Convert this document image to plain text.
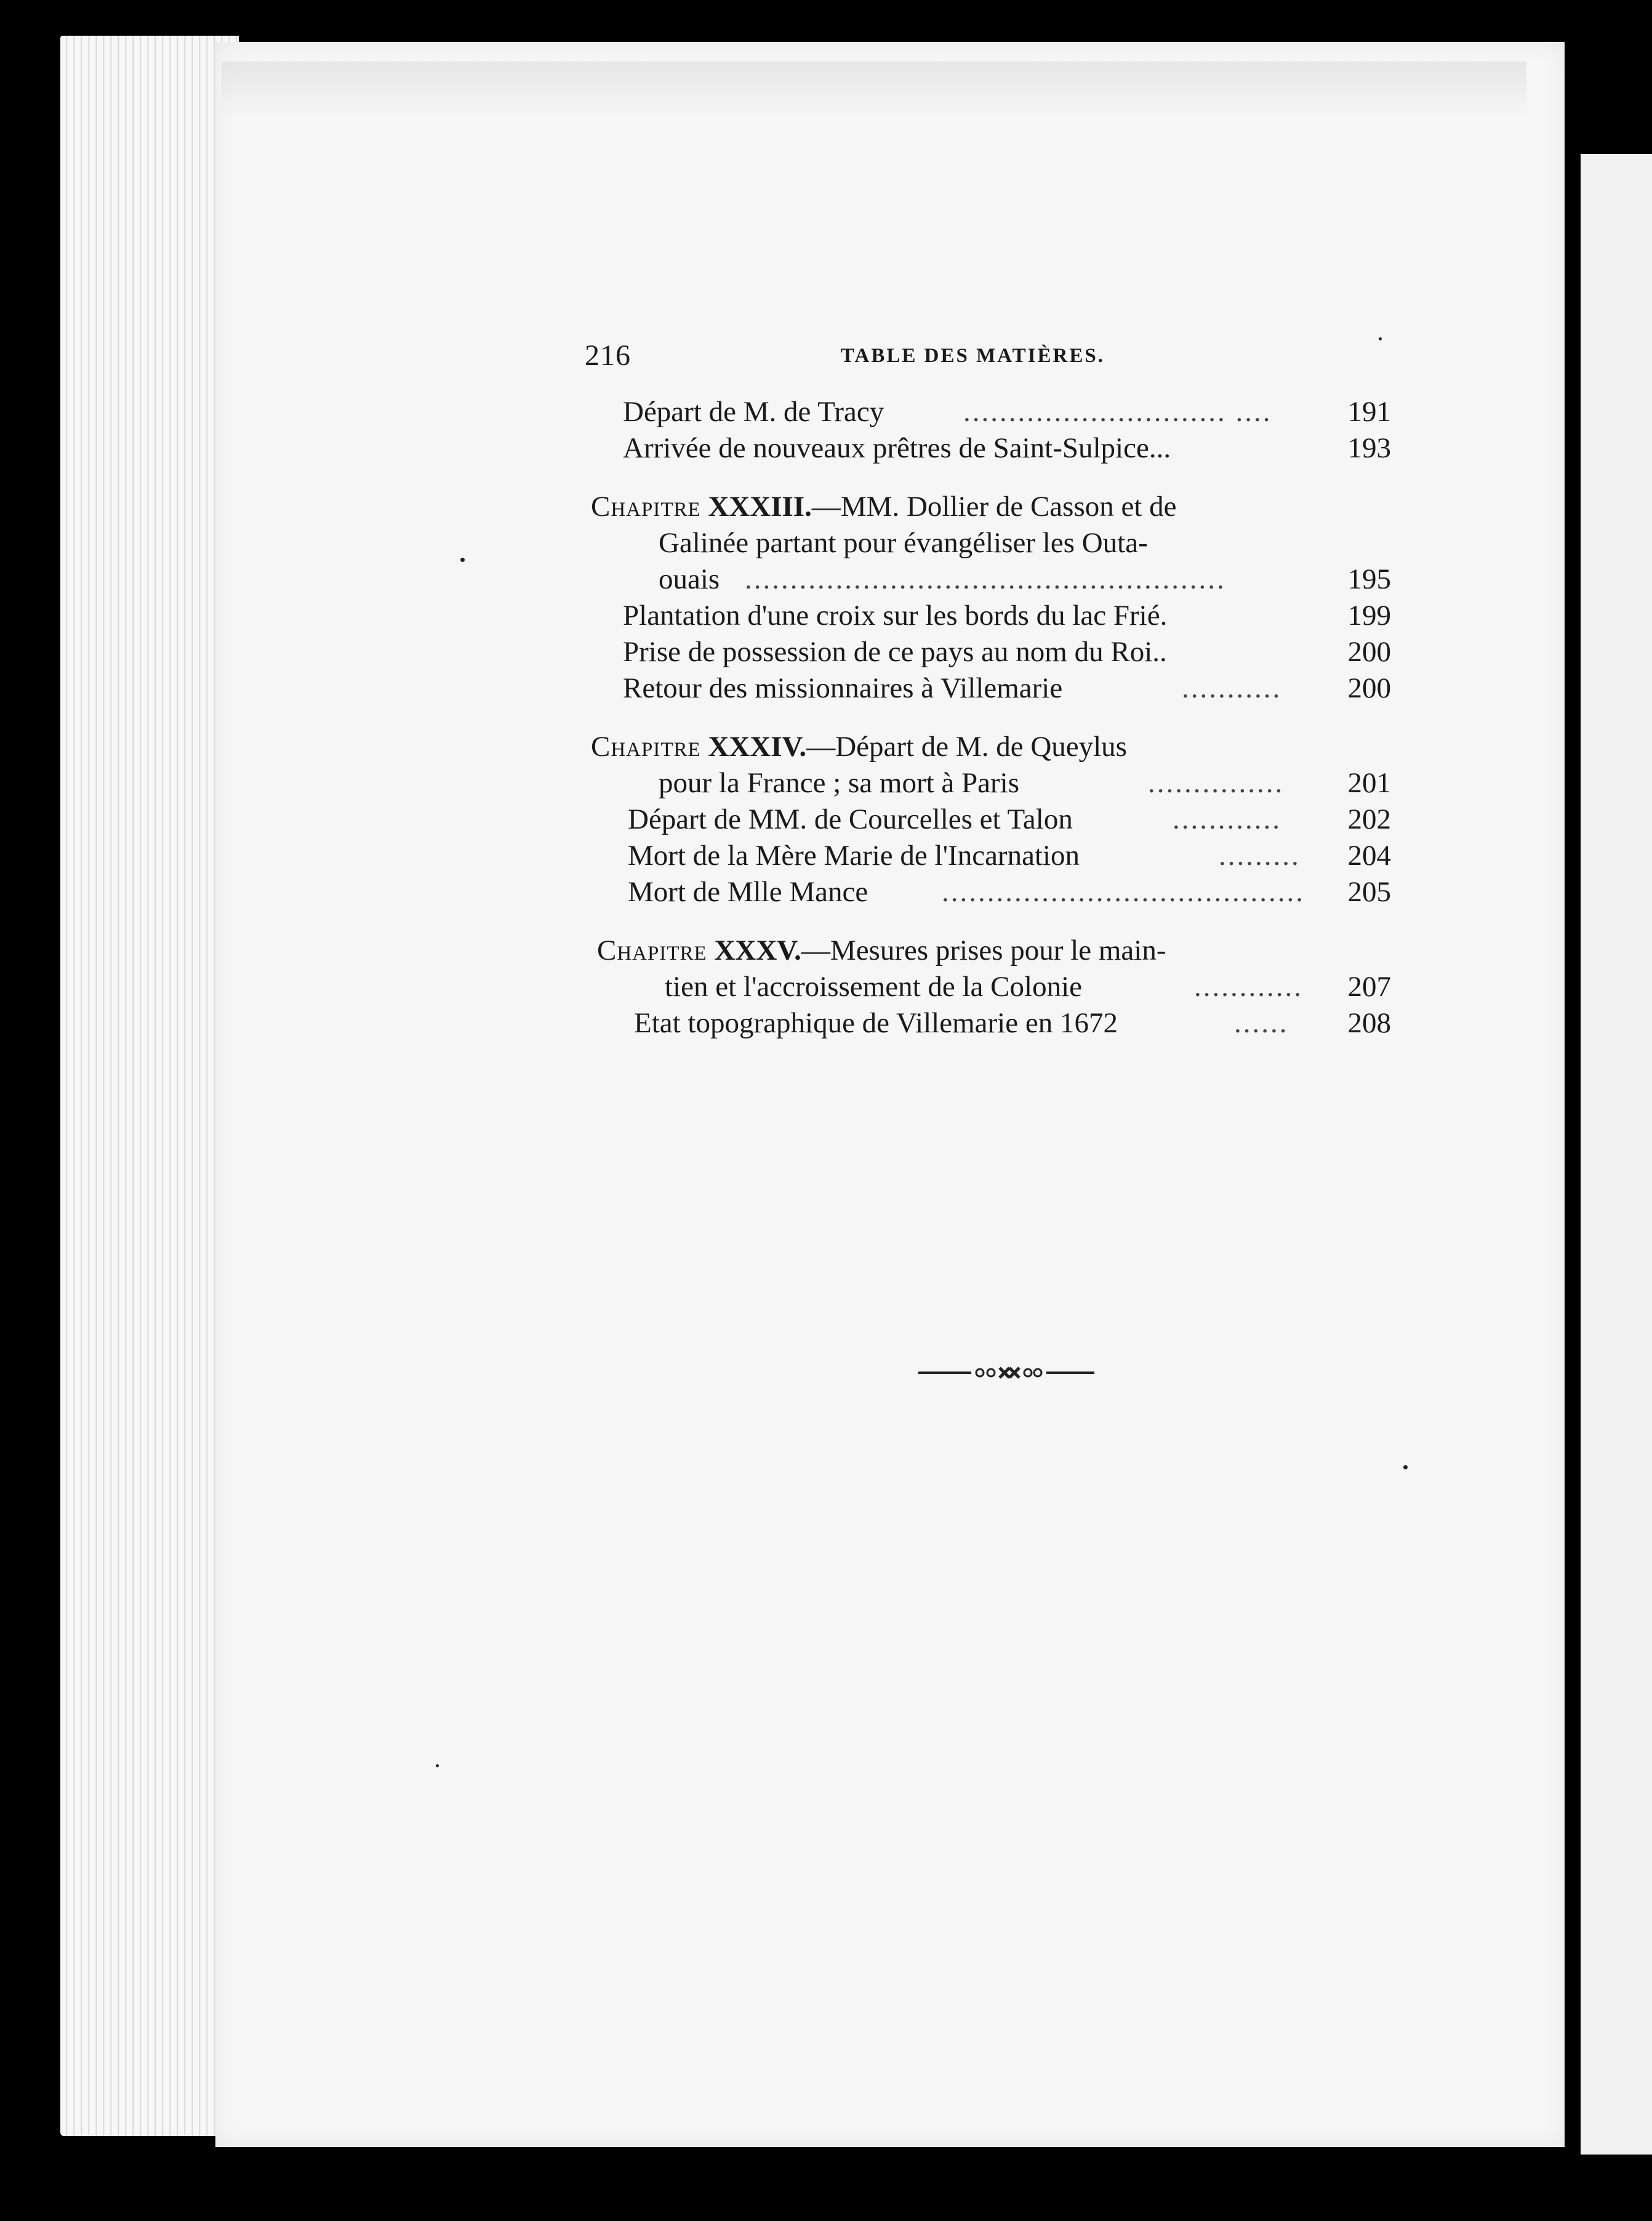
216	TABLE DES MATIÈRES.
Départ de M. de Tracy	............................. ....	191
Arrivée de nouveaux prêtres de Saint-Sulpice...	193
Chapitre XXXIII.—MM. Dollier de Casson et de
Galinée partant pour évangéliser les Outa-
ouais .....................................................	195
Plantation d'une croix sur les bords du lac Frié.	199
Prise de possession de ce pays au nom du Roi..	200
Retour des missionnaires à Villemarie	...........	200
Chapitre XXXIV.—Départ de M. de Queylus
pour la France ; sa mort à Paris	...............	201
Départ de MM. de Courcelles et Talon	............	202
Mort de la Mère Marie de l'Incarnation	.........	204
Mort de Mlle Mance	........................................	205
Chapitre XXXV.—Mesures prises pour le main-
tien et l'accroissement de la Colonie	............	207
Etat topographique de Villemarie en 1672	......	208
